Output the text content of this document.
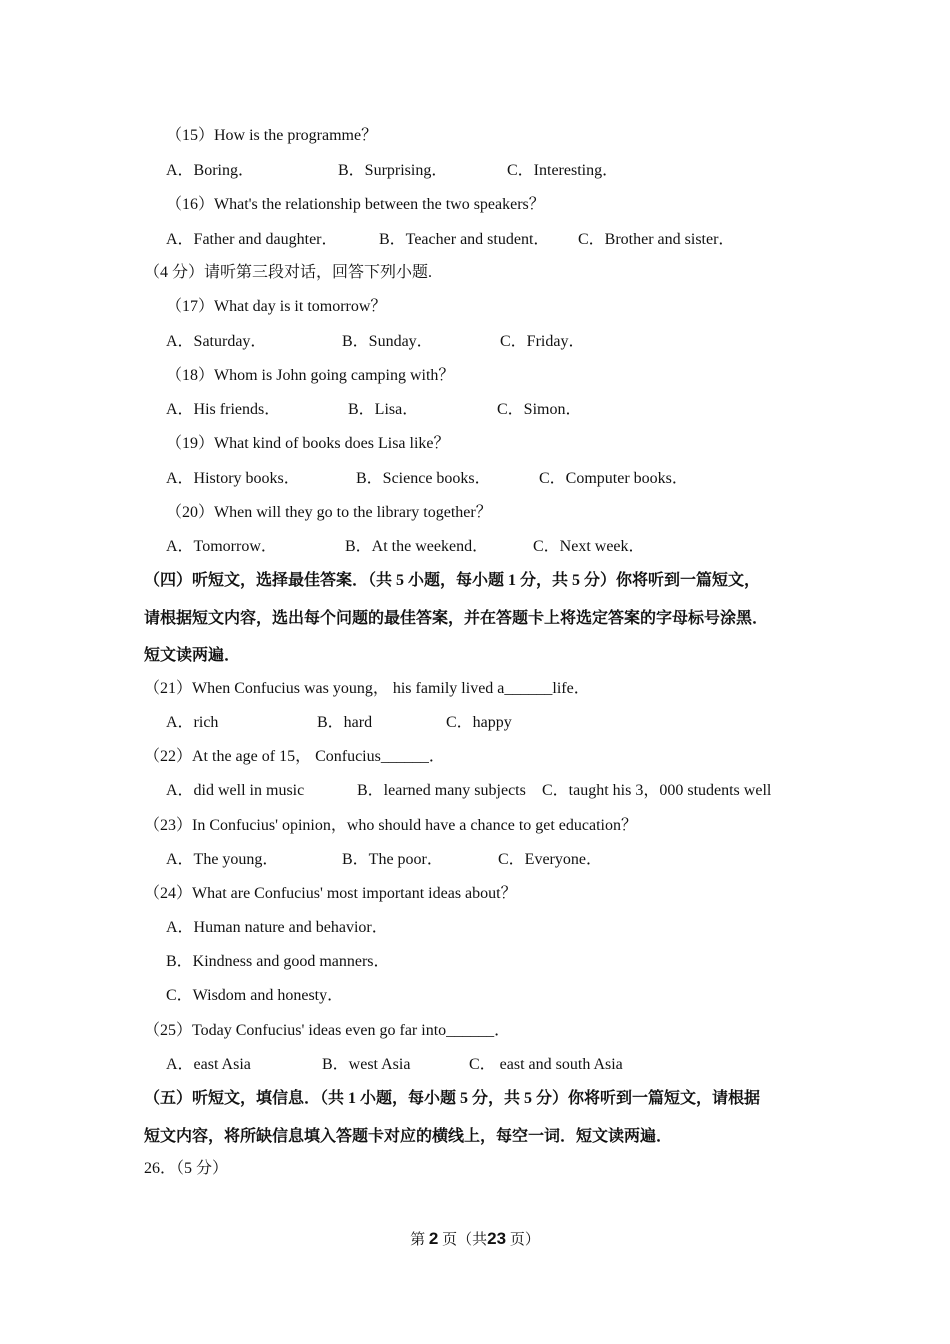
（15）How is the programme？
A．Boring．	B．Surprising．	C．Interesting．
（16）What's the relationship between the two speakers？
A．Father and daughter．	B．Teacher and student． C．Brother and sister．
（4 分）请听第三段对话，回答下列小题.
（17）What day is it tomorrow？
A．Saturday．	B．Sunday．	C．Friday．
（18）Whom is John going camping with？
A．His friends．	B．Lisa．	C．Simon．
（19）What kind of books does Lisa like？
A．History books．	B．Science books．	C．Computer books．
（20）When will they go to the library together？
A．Tomorrow．	B．At the weekend．	C．Next week．
（四）听短文，选择最佳答案．（共 5 小题，每小题 1 分，共 5 分）你将听到一篇短文，
请根据短文内容，选出每个问题的最佳答案，并在答题卡上将选定答案的字母标号涂黑．
短文读两遍．
（21）When Confucius was young， his family lived a______life．
A．rich	B．hard	C．happy
（22）At the age of 15， Confucius______．
A．did well in music	B．learned many subjects C．taught his 3，000 students well
（23）In Confucius' opinion，who should have a chance to get education？
A．The young．	B．The poor．	C．Everyone．
（24）What are Confucius' most important ideas about？
A．Human nature and behavior．
B．Kindness and good manners．
C．Wisdom and honesty．
（25）Today Confucius' ideas even go far into______．
A．east Asia	B．west Asia	C． east and south Asia
（五）听短文，填信息．（共 1 小题，每小题 5 分，共 5 分）你将听到一篇短文，请根据
短文内容，将所缺信息填入答题卡对应的横线上，每空一词．短文读两遍．
26．（5 分）
第 2 页（共23 页）
